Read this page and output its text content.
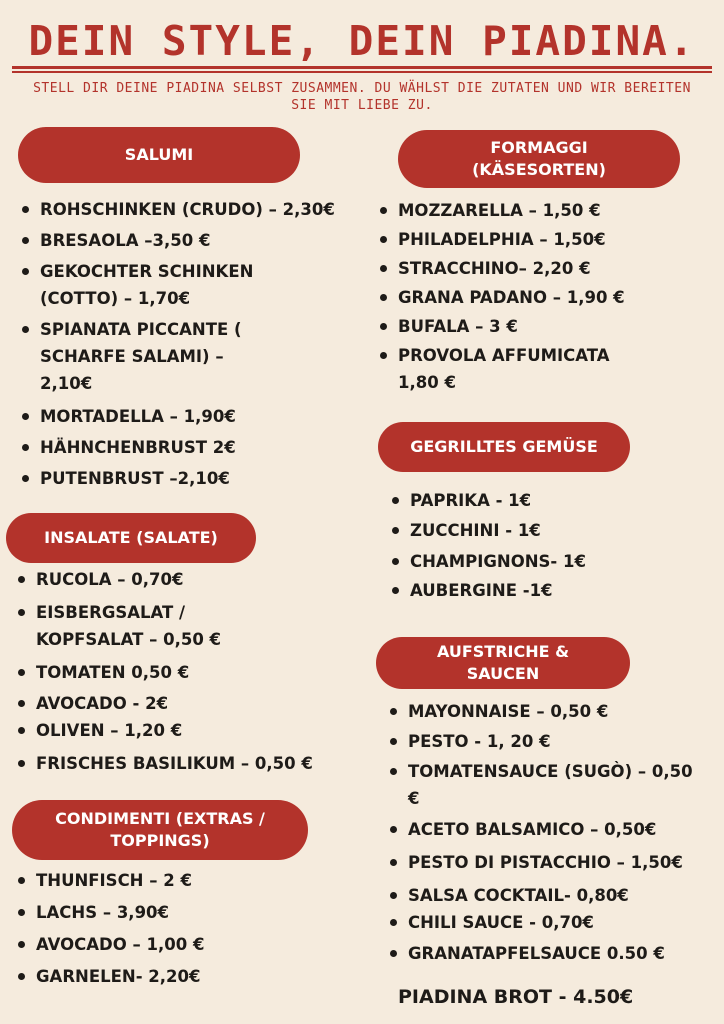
DEIN STYLE, DEIN PIADINA.
STELL DIR DEINE PIADINA SELBST ZUSAMMEN. DU WÄHLST DIE ZUTATEN UND WIR BEREITEN SIE MIT LIEBE ZU.
SALUMI
ROHSCHINKEN (CRUDO) – 2,30€
BRESAOLA –3,50 €
GEKOCHTER SCHINKEN (COTTO) – 1,70€
SPIANATA PICCANTE ( SCHARFE SALAMI) – 2,10€
MORTADELLA – 1,90€
HÄHNCHENBRUST 2€
PUTENBRUST –2,10€
INSALATE (SALATE)
RUCOLA – 0,70€
EISBERGSALAT / KOPFSALAT – 0,50 €
TOMATEN 0,50 €
AVOCADO - 2€
OLIVEN – 1,20 €
FRISCHES BASILIKUM – 0,50 €
CONDIMENTI (EXTRAS / TOPPINGS)
THUNFISCH – 2 €
LACHS – 3,90€
AVOCADO – 1,00 €
GARNELEN- 2,20€
FORMAGGI (KÄSESORTEN)
MOZZARELLA – 1,50 €
PHILADELPHIA – 1,50€
STRACCHINO– 2,20 €
GRANA PADANO – 1,90 €
BUFALA – 3 €
PROVOLA AFFUMICATA 1,80 €
GEGRILLTES GEMÜSE
PAPRIKA - 1€
ZUCCHINI - 1€
CHAMPIGNONS- 1€
AUBERGINE -1€
AUFSTRICHE & SAUCEN
MAYONNAISE – 0,50 €
PESTO - 1, 20 €
TOMATENSAUCE (SUGÒ) – 0,50 €
ACETO BALSAMICO – 0,50€
PESTO DI PISTACCHIO – 1,50€
SALSA COCKTAIL- 0,80€
CHILI SAUCE - 0,70€
GRANATAPFELSAUCE 0.50 €
PIADINA BROT - 4.50€
